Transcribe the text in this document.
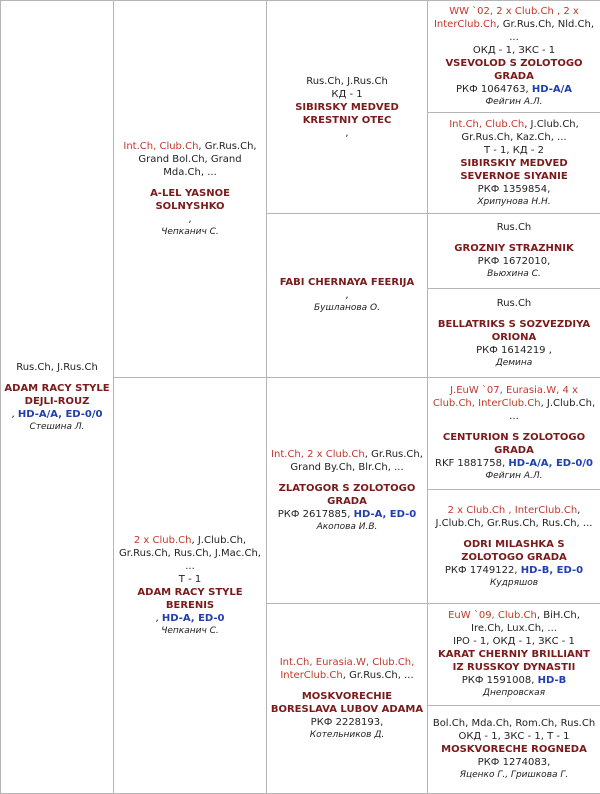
Rus.Ch, J.Rus.Ch
ADAM RACY STYLE DEJLI-ROUZ
, HD-A/A, ED-0/0
Стешина Л.	Int.Ch, Club.Ch, Gr.Rus.Ch, Grand Bol.Ch, Grand Mda.Ch, ...
A-LEL YASNOE SOLNYSHKO
,
Чепканич С.	Rus.Ch, J.Rus.Ch
КД - 1
SIBIRSKY MEDVED KRESTNIY OTEC
,	WW `02, 2 x Club.Ch , 2 x InterClub.Ch, Gr.Rus.Ch, Nld.Ch, ...
ОКД - 1, ЗКС - 1
VSEVOLOD S ZOLOTOGO GRADA
РКФ 1064763, HD-A/A
Фейгин А.Л.

			Int.Ch, Club.Ch, J.Club.Ch, Gr.Rus.Ch, Kaz.Ch, ...
Т - 1, КД - 2
SIBIRSKIY MEDVED SEVERNOE SIYANIE
РКФ 1359854,
Хрипунова Н.Н.

		FABI CHERNAYA FEERIJA
,
Бушланова О.	Rus.Ch
GROZNIY STRAZHNIK
РКФ 1672010,
Вьюхина С.

			Rus.Ch
BELLATRIKS S SOZVEZDIYA ORIONA
РКФ 1614219 ,
Демина

	2 x Club.Ch, J.Club.Ch, Gr.Rus.Ch, Rus.Ch, J.Mac.Ch, ...
Т - 1
ADAM RACY STYLE BERENIS
, HD-A, ED-0
Чепканич С.	Int.Ch, 2 x Club.Ch, Gr.Rus.Ch, Grand By.Ch, Blr.Ch, ...
ZLATOGOR S ZOLOTOGO GRADA
РКФ 2617885, HD-A, ED-0
Акопова И.В.	J.EuW `07, Eurasia.W, 4 x Club.Ch, InterClub.Ch, J.Club.Ch, ...
CENTURION S ZOLOTOGO GRADA
RKF 1881758, HD-A/A, ED-0/0
Фейгин А.Л.

			2 x Club.Ch , InterClub.Ch, J.Club.Ch, Gr.Rus.Ch, Rus.Ch, ...
ODRI MILASHKA S ZOLOTOGO GRADA
РКФ 1749122, HD-B, ED-0
Кудряшов

		Int.Ch, Eurasia.W, Club.Ch, InterClub.Ch, Gr.Rus.Ch, ...
MOSKVORECHIE BORESLAVA LUBOV ADAMA
РКФ 2228193,
Котельников Д.	EuW `09, Club.Ch, BiH.Ch, Ire.Ch, Lux.Ch, ...
IPO - 1, ОКД - 1, ЗКС - 1
KARAT CHERNIY BRILLIANT IZ RUSSKOY DYNASTII
РКФ 1591008, HD-B
Днепровская

			Bol.Ch, Mda.Ch, Rom.Ch, Rus.Ch
ОКД - 1, ЗКС - 1, Т - 1
MOSKVORECHE ROGNEDA
РКФ 1274083,
Яценко Г., Гришкова Г.
